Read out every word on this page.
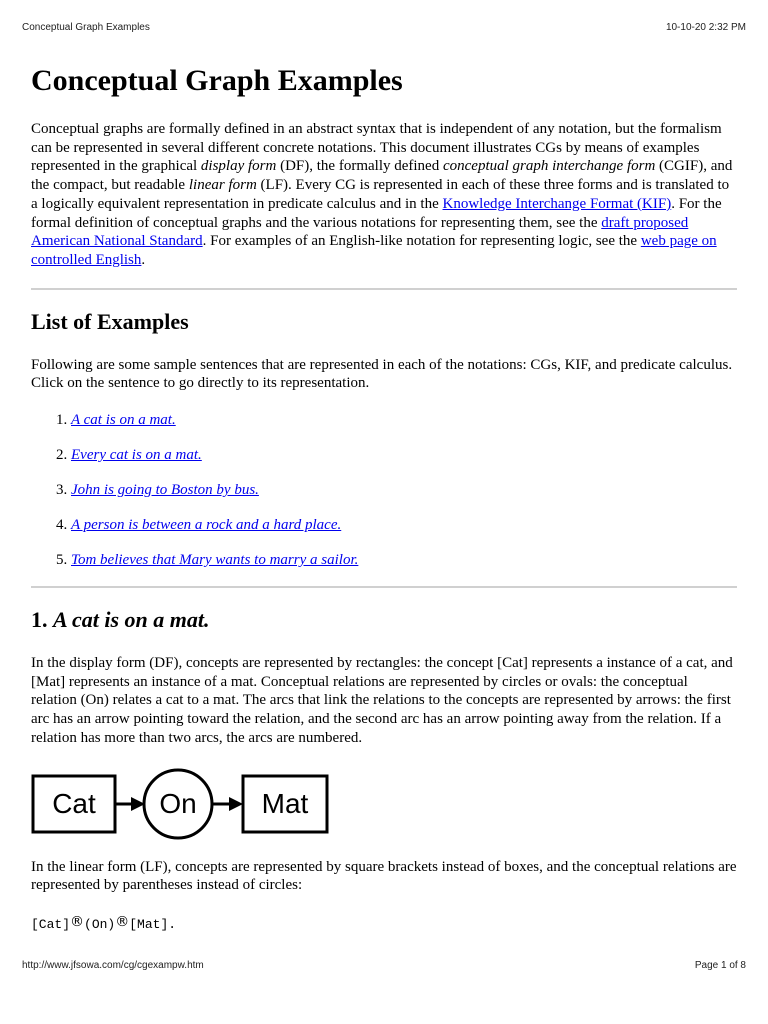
Conceptual Graph Examples	10-10-20 2:32 PM
Conceptual Graph Examples

Conceptual graphs are formally defined in an abstract syntax that is independent of any notation, but the formalism can be represented in several different concrete notations. This document illustrates CGs by means of examples represented in the graphical display form (DF), the formally defined conceptual graph interchange form (CGIF), and the compact, but readable linear form (LF). Every CG is represented in each of these three forms and is translated to a logically equivalent representation in predicate calculus and in the Knowledge Interchange Format (KIF). For the formal definition of conceptual graphs and the various notations for representing them, see the draft proposed American National Standard. For examples of an English-like notation for representing logic, see the web page on controlled English.

List of Examples

Following are some sample sentences that are represented in each of the notations: CGs, KIF, and predicate calculus. Click on the sentence to go directly to its representation.

1. A cat is on a mat.
2. Every cat is on a mat.
3. John is going to Boston by bus.
4. A person is between a rock and a hard place.
5. Tom believes that Mary wants to marry a sailor.
1. A cat is on a mat.

In the display form (DF), concepts are represented by rectangles: the concept [Cat] represents a instance of a cat, and [Mat] represents an instance of a mat. Conceptual relations are represented by circles or ovals: the conceptual relation (On) relates a cat to a mat. The arcs that link the relations to the concepts are represented by arrows: the first arc has an arrow pointing toward the relation, and the second arc has an arrow pointing away from the relation. If a relation has more than two arcs, the arcs are numbered.

Cat On Mat

In the linear form (LF), concepts are represented by square brackets instead of boxes, and the conceptual relations are represented by parentheses instead of circles:

[Cat]®(On)®[Mat].

http://www.jfsowa.com/cg/cgexampw.htm	Page 1 of 8
